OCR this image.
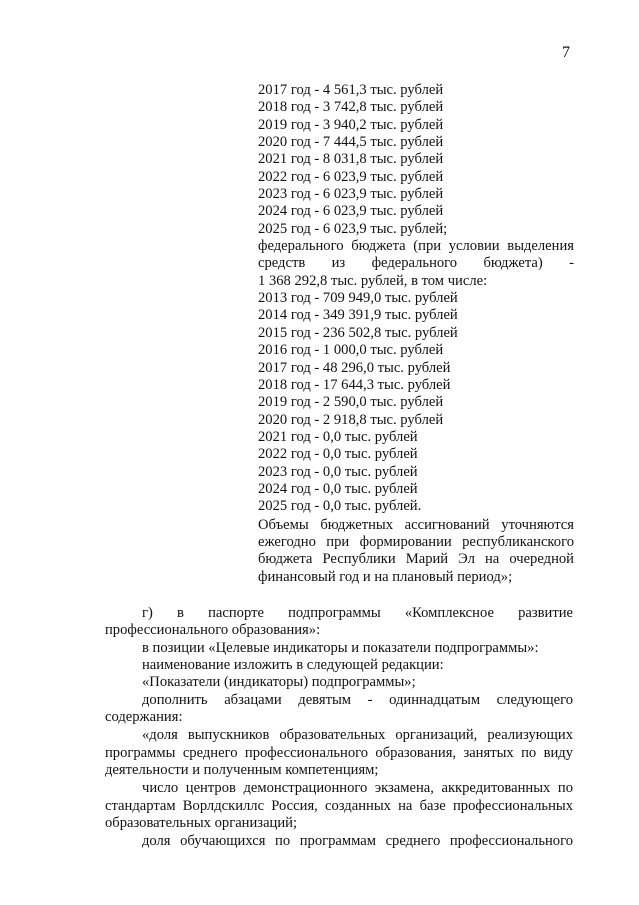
7
2017 год - 4 561,3 тыс. рублей
2018 год - 3 742,8 тыс. рублей
2019 год - 3 940,2 тыс. рублей
2020 год - 7 444,5 тыс. рублей
2021 год - 8 031,8 тыс. рублей
2022 год - 6 023,9 тыс. рублей
2023 год - 6 023,9 тыс. рублей
2024 год - 6 023,9 тыс. рублей
2025 год - 6 023,9 тыс. рублей;
федерального бюджета (при условии выделения
средств из федерального бюджета) -
1 368 292,8 тыс. рублей, в том числе:
2013 год - 709 949,0 тыс. рублей
2014 год - 349 391,9 тыс. рублей
2015 год - 236 502,8 тыс. рублей
2016 год - 1 000,0 тыс. рублей
2017 год - 48 296,0 тыс. рублей
2018 год - 17 644,3 тыс. рублей
2019 год - 2 590,0 тыс. рублей
2020 год - 2 918,8 тыс. рублей
2021 год - 0,0 тыс. рублей
2022 год - 0,0 тыс. рублей
2023 год - 0,0 тыс. рублей
2024 год - 0,0 тыс. рублей
2025 год - 0,0 тыс. рублей.
Объемы бюджетных ассигнований уточняются ежегодно при формировании республиканского бюджета Республики Марий Эл на очередной финансовый год и на плановый период»;
г) в паспорте подпрограммы «Комплексное развитие
профессионального образования»:
в позиции «Целевые индикаторы и показатели подпрограммы»:
наименование изложить в следующей редакции:
«Показатели (индикаторы) подпрограммы»;
дополнить абзацами девятым - одиннадцатым следующего
содержания:
«доля выпускников образовательных организаций, реализующих программы среднего профессионального образования, занятых по виду деятельности и полученным компетенциям;
число центров демонстрационного экзамена, аккредитованных по стандартам Ворлдскиллс Россия, созданных на базе профессиональных образовательных организаций;
доля обучающихся по программам среднего профессионального
